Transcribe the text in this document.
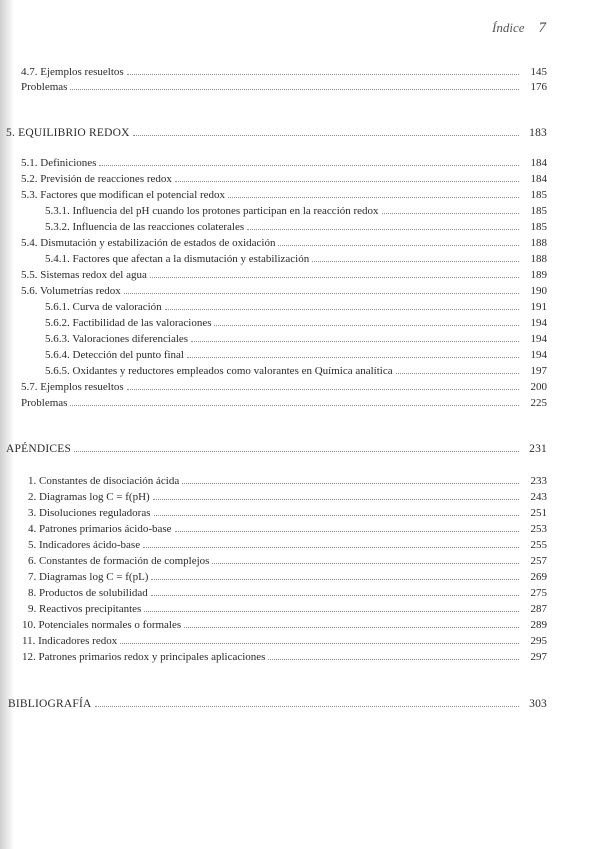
Índice 7
4.7. Ejemplos resueltos	145
Problemas	176
5. EQUILIBRIO REDOX	183
5.1. Definiciones	184
5.2. Previsión de reacciones redox	184
5.3. Factores que modifican el potencial redox	185
5.3.1. Influencia del pH cuando los protones participan en la reacción redox	185
5.3.2. Influencia de las reacciones colaterales	185
5.4. Dismutación y estabilización de estados de oxidación	188
5.4.1. Factores que afectan a la dismutación y estabilización	188
5.5. Sistemas redox del agua	189
5.6. Volumetrías redox	190
5.6.1. Curva de valoración	191
5.6.2. Factibilidad de las valoraciones	194
5.6.3. Valoraciones diferenciales	194
5.6.4. Detección del punto final	194
5.6.5. Oxidantes y reductores empleados como valorantes en Química analítica	197
5.7. Ejemplos resueltos	200
Problemas	225
APÉNDICES	231
1. Constantes de disociación ácida	233
2. Diagramas log C = f(pH)	243
3. Disoluciones reguladoras	251
4. Patrones primarios ácido-base	253
5. Indicadores ácido-base	255
6. Constantes de formación de complejos	257
7. Diagramas log C = f(pL)	269
8. Productos de solubilidad	275
9. Reactivos precipitantes	287
10. Potenciales normales o formales	289
11. Indicadores redox	295
12. Patrones primarios redox y principales aplicaciones	297
BIBLIOGRAFÍA	303
